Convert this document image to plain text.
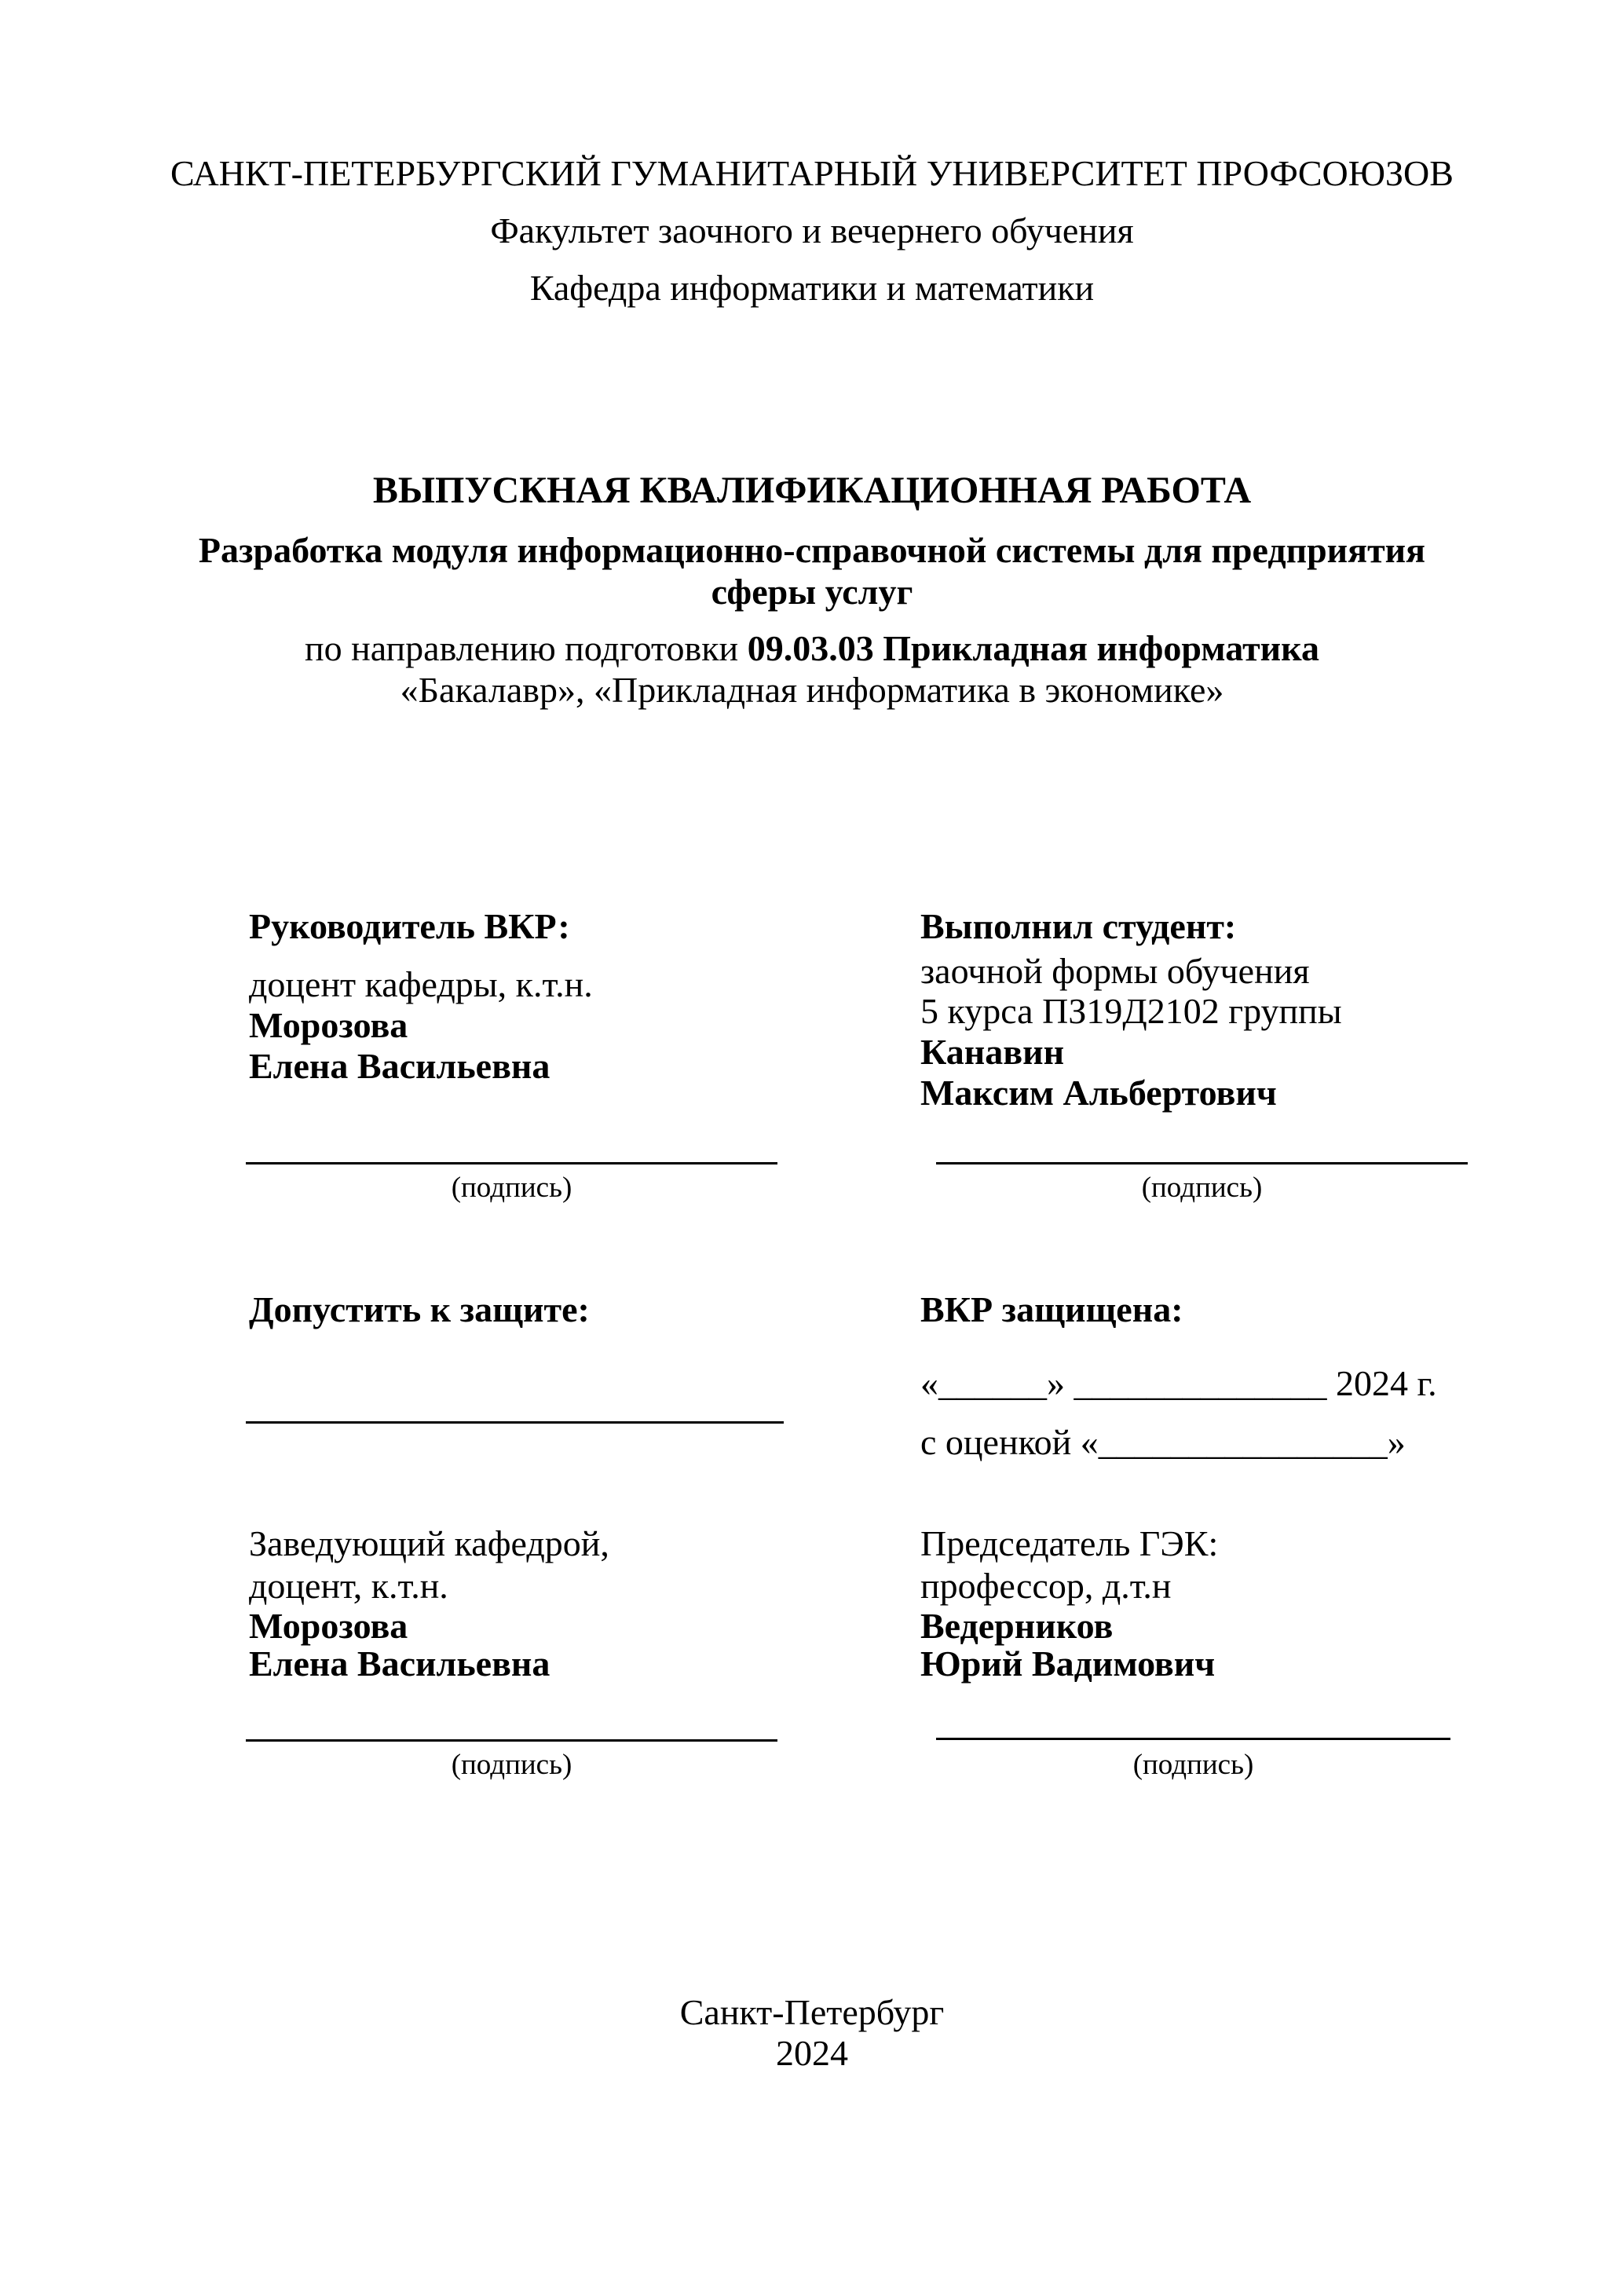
САНКТ-ПЕТЕРБУРГСКИЙ ГУМАНИТАРНЫЙ УНИВЕРСИТЕТ ПРОФСОЮЗОВ
Факультет заочного и вечернего обучения
Кафедра информатики и математики
ВЫПУСКНАЯ КВАЛИФИКАЦИОННАЯ РАБОТА
Разработка модуля информационно-справочной системы для предприятия
сферы услуг
по направлению подготовки 09.03.03 Прикладная информатика
«Бакалавр», «Прикладная информатика в экономике»
Руководитель ВКР:
доцент кафедры, к.т.н.
Морозова
Елена Васильевна
(подпись)
Выполнил студент:
заочной формы обучения
5 курса ПЗ19Д2102 группы
Канавин
Максим Альбертович
(подпись)
Допустить к защите:	ВКР защищена:
«______» ______________ 2024 г.
с оценкой «________________»
Заведующий кафедрой,
доцент, к.т.н.
Морозова
Елена Васильевна
(подпись)
Председатель ГЭК:
профессор, д.т.н
Ведерников
Юрий Вадимович
(подпись)
Санкт-Петербург
2024
